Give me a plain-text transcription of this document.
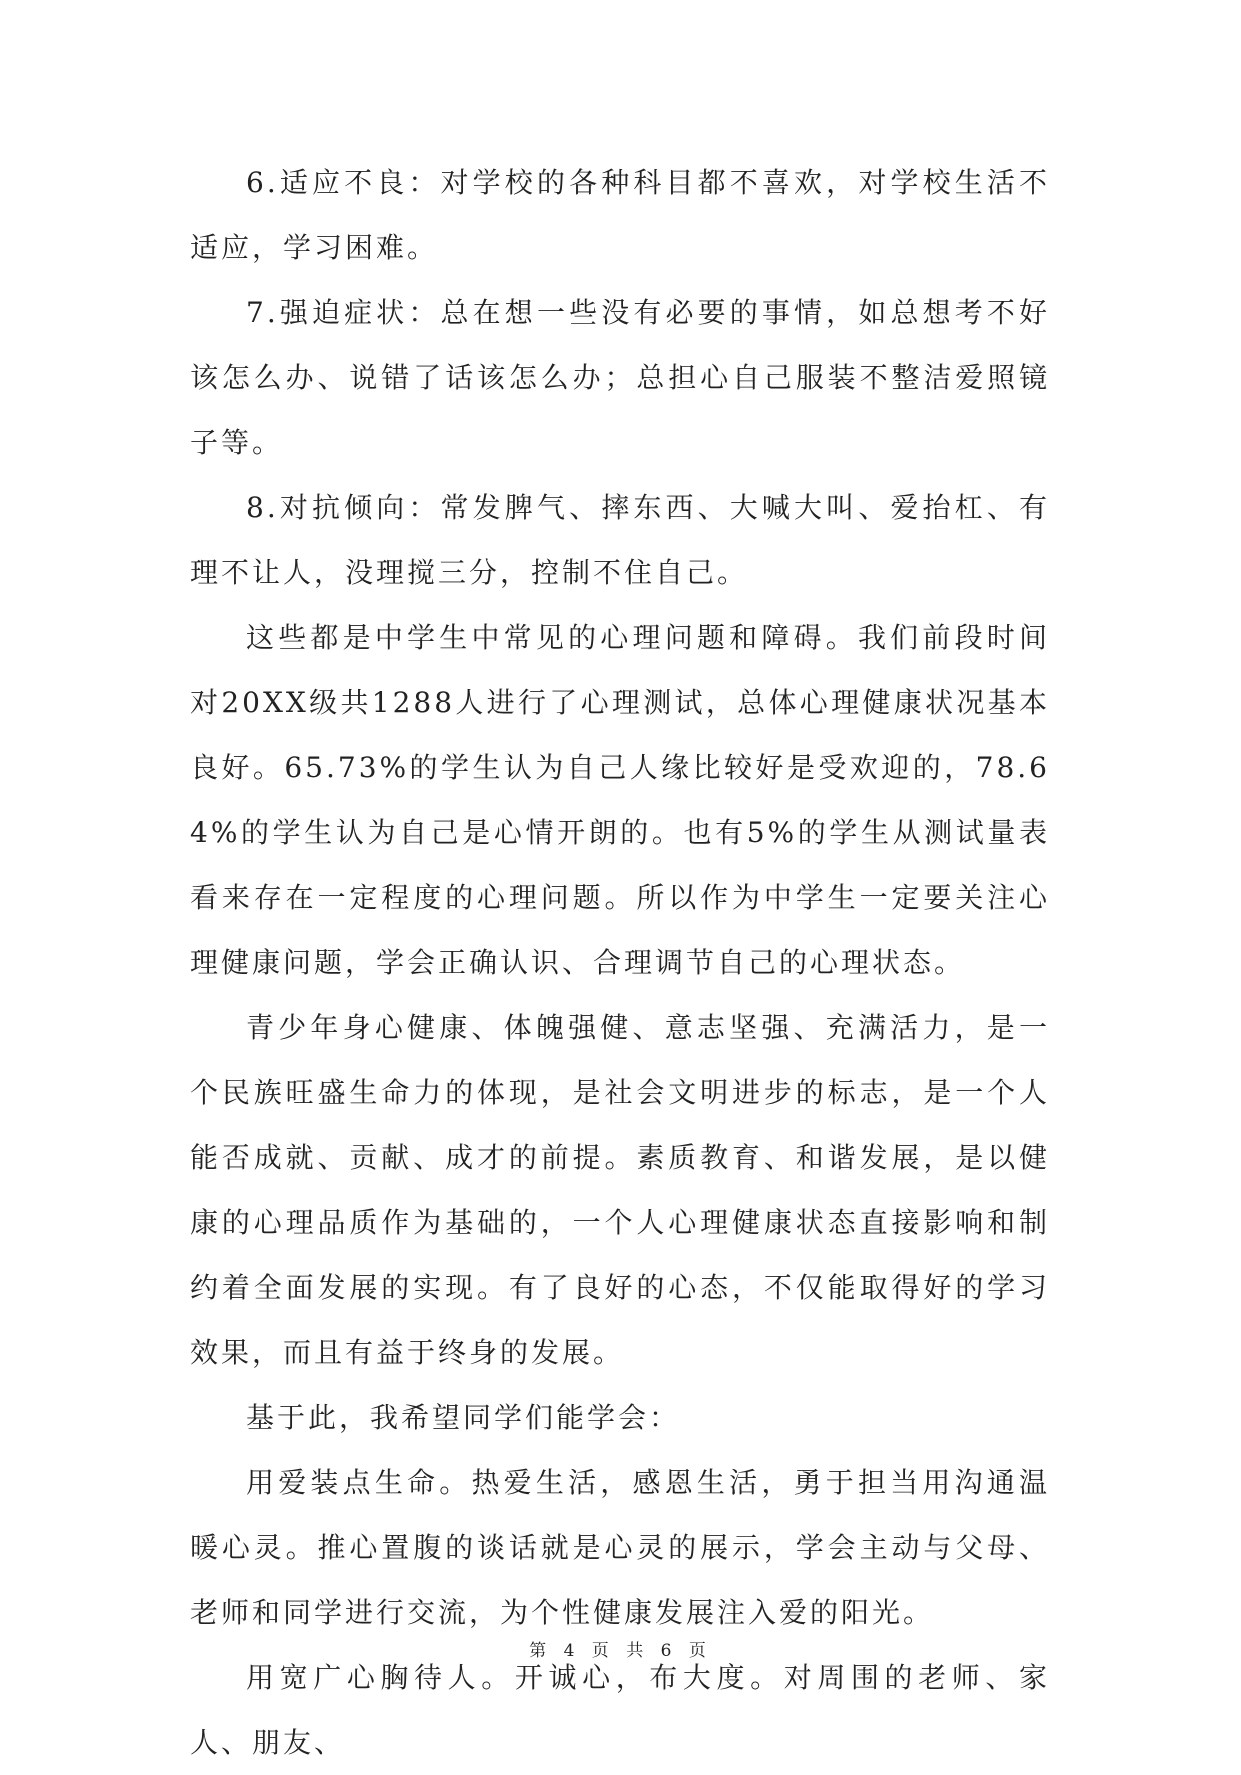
6.适应不良：对学校的各种科目都不喜欢，对学校生活不适应，学习困难。

7.强迫症状：总在想一些没有必要的事情，如总想考不好该怎么办、说错了话该怎么办；总担心自己服装不整洁爱照镜子等。

8.对抗倾向：常发脾气、摔东西、大喊大叫、爱抬杠、有理不让人，没理搅三分，控制不住自己。

这些都是中学生中常见的心理问题和障碍。我们前段时间对20XX级共1288人进行了心理测试，总体心理健康状况基本良好。65.73%的学生认为自己人缘比较好是受欢迎的，78.64%的学生认为自己是心情开朗的。也有5%的学生从测试量表看来存在一定程度的心理问题。所以作为中学生一定要关注心理健康问题，学会正确认识、合理调节自己的心理状态。

青少年身心健康、体魄强健、意志坚强、充满活力，是一个民族旺盛生命力的体现，是社会文明进步的标志，是一个人能否成就、贡献、成才的前提。素质教育、和谐发展，是以健康的心理品质作为基础的，一个人心理健康状态直接影响和制约着全面发展的实现。有了良好的心态，不仅能取得好的学习效果，而且有益于终身的发展。

基于此，我希望同学们能学会：

用爱装点生命。热爱生活，感恩生活，勇于担当用沟通温暖心灵。推心置腹的谈话就是心灵的展示，学会主动与父母、老师和同学进行交流，为个性健康发展注入爱的阳光。

用宽广心胸待人。开诚心，布大度。对周围的老师、家人、朋友、

第 4 页 共 6 页
